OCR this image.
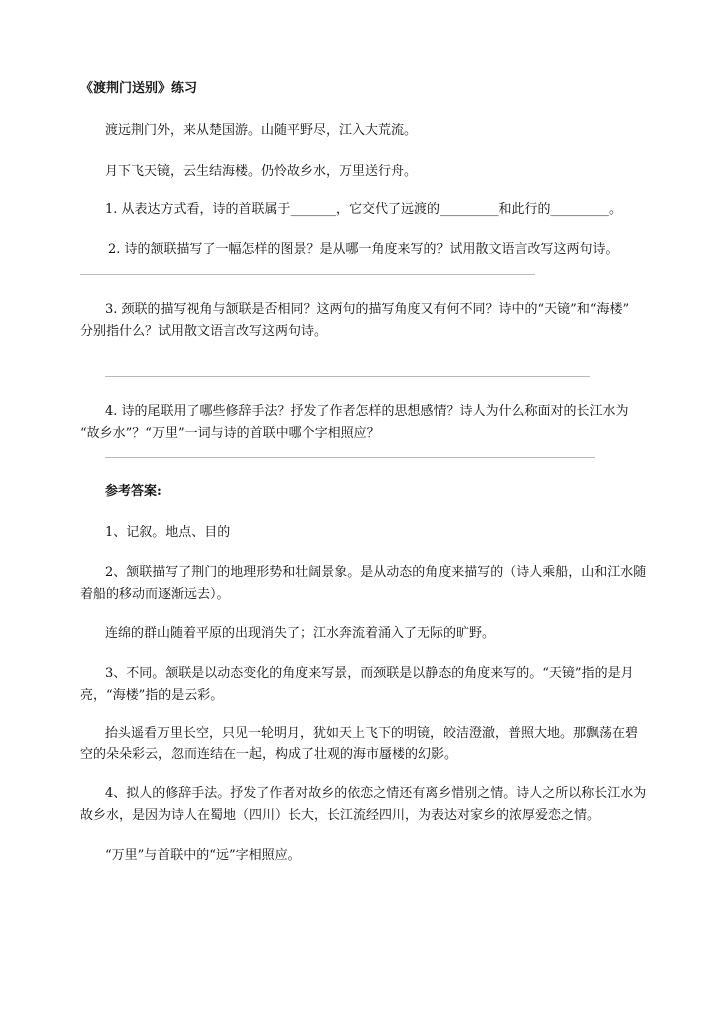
《渡荆门送别》练习
渡远荆门外，来从楚国游。山随平野尽，江入大荒流。
月下飞天镜，云生结海楼。仍怜故乡水，万里送行舟。
1. 从表达方式看，诗的首联属于_______，它交代了远渡的_________和此行的_________。
2. 诗的颔联描写了一幅怎样的图景？是从哪一角度来写的？试用散文语言改写这两句诗。
3. 颈联的描写视角与颔联是否相同？这两句的描写角度又有何不同？诗中的“天镜”和“海楼”
分别指什么？试用散文语言改写这两句诗。
4. 诗的尾联用了哪些修辞手法？抒发了作者怎样的思想感情？诗人为什么称面对的长江水为
“故乡水”？“万里”一词与诗的首联中哪个字相照应？
参考答案:
1、记叙。地点、目的
2、颔联描写了荆门的地理形势和壮阔景象。是从动态的角度来描写的（诗人乘船，山和江水随
着船的移动而逐渐远去）。
连绵的群山随着平原的出现消失了；江水奔流着涌入了无际的旷野。
3、不同。颔联是以动态变化的角度来写景，而颈联是以静态的角度来写的。“天镜”指的是月
亮，“海楼”指的是云彩。
抬头遥看万里长空，只见一轮明月，犹如天上飞下的明镜，皎洁澄澈，普照大地。那飘荡在碧
空的朵朵彩云，忽而连结在一起，构成了壮观的海市蜃楼的幻影。
4、拟人的修辞手法。抒发了作者对故乡的依恋之情还有离乡惜别之情。诗人之所以称长江水为
故乡水，是因为诗人在蜀地（四川）长大，长江流经四川，为表达对家乡的浓厚爱恋之情。
“万里”与首联中的“远”字相照应。
